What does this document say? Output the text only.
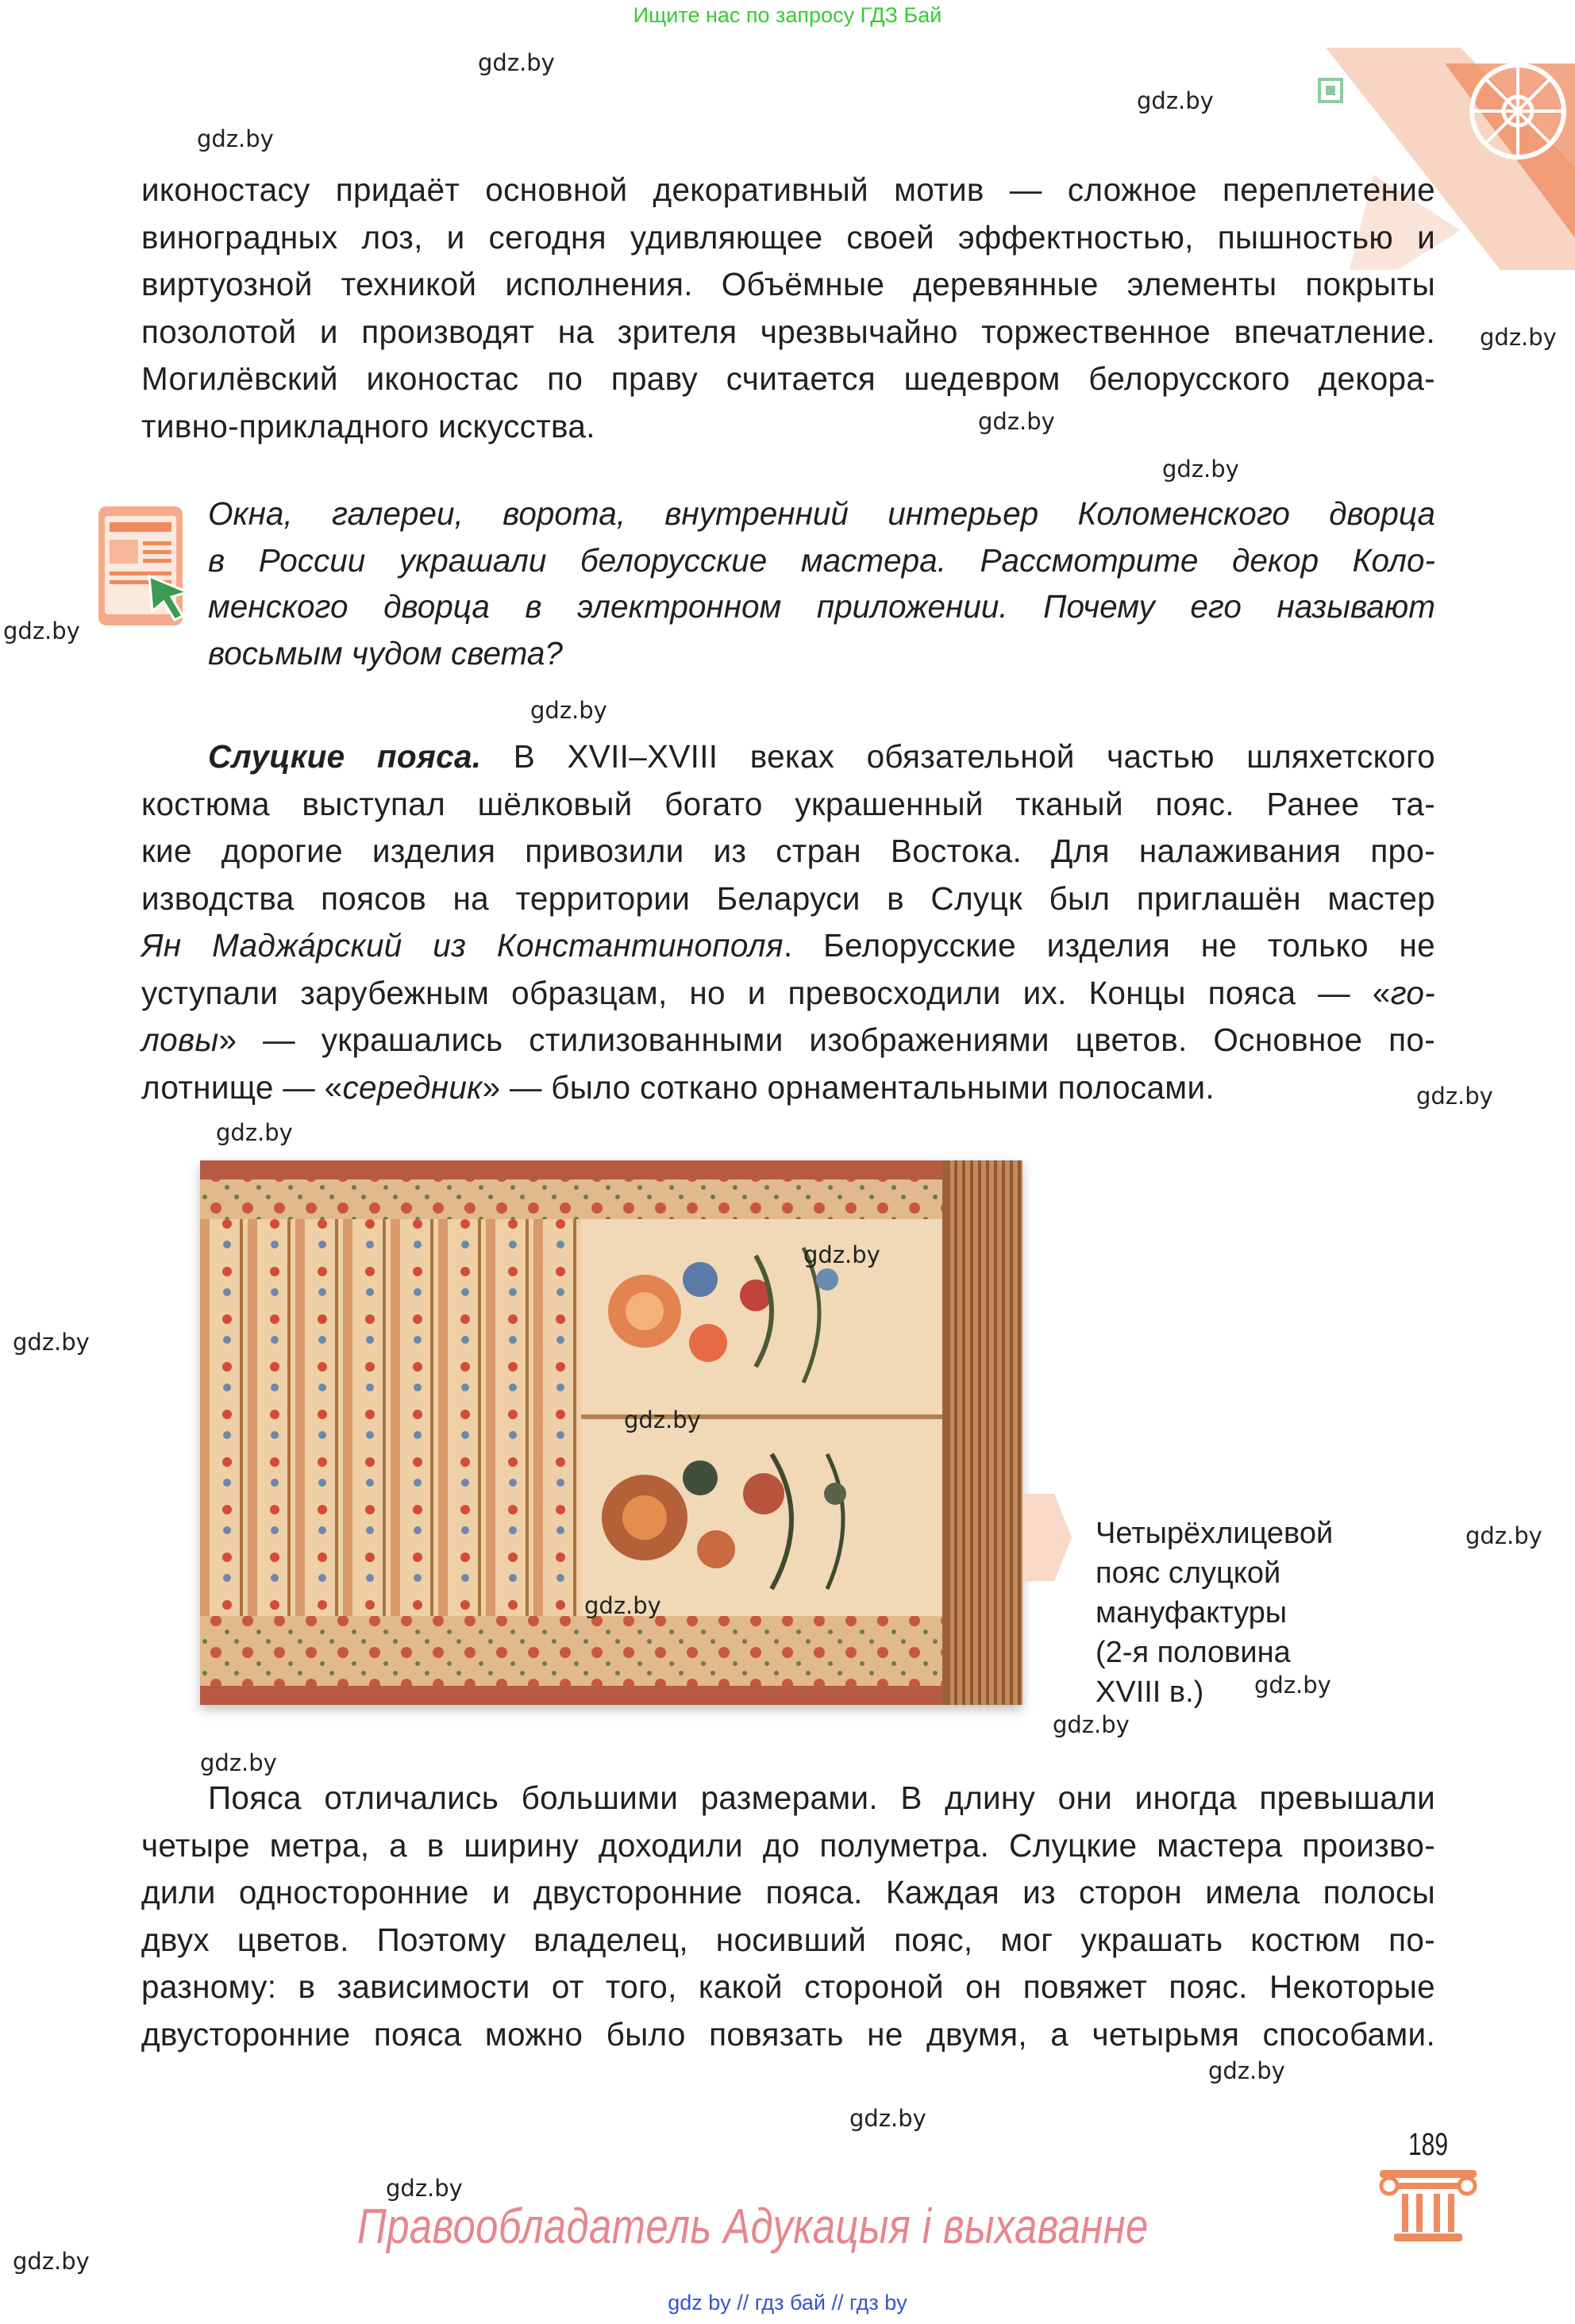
Ищите нас по запросу ГДЗ Бай
gdz.by
gdz.by
gdz.by
gdz.by
gdz.by
gdz.by
gdz.by
gdz.by
gdz.by
gdz.by
gdz.by
gdz.by
gdz.by
gdz.by
gdz.by
gdz.by
gdz.by
gdz.by
gdz.by
иконостасу придаёт основной декоративный мотив — сложное переплетение
виноградных лоз, и сегодня удивляющее своей эффектностью, пышностью и
виртуозной техникой исполнения. Объёмные деревянные элементы покрыты
позолотой и производят на зрителя чрезвычайно торжественное впечатление.
Могилёвский иконостас по праву считается шедевром белорусского декора-
тивно-прикладного искусства.
Окна, галереи, ворота, внутренний интерьер Коломенского дворца
в России украшали белорусские мастера. Рассмотрите декор Коло-
менского дворца в электронном приложении. Почему его называют
восьмым чудом света?
Слуцкие пояса. В XVII–XVIII веках обязательной частью шляхетского
костюма выступал шёлковый богато украшенный тканый пояс. Ранее та-
кие дорогие изделия привозили из стран Востока. Для налаживания про-
изводства поясов на территории Беларуси в Слуцк был приглашён мастер
Ян Маджа́рский из Константинополя. Белорусские изделия не только не
уступали зарубежным образцам, но и превосходили их. Концы пояса — «го-
ловы» — украшались стилизованными изображениями цветов. Основное по-
лотнище — «середник» — было соткано орнаментальными полосами.
Четырёхлицевой
пояс слуцкой
мануфактуры
(2-я половина
XVIII в.)
gdz.by
gdz.by
gdz.by
Пояса отличались большими размерами. В длину они иногда превышали
четыре метра, а в ширину доходили до полуметра. Слуцкие мастера произво-
дили односторонние и двусторонние пояса. Каждая из сторон имела полосы
двух цветов. Поэтому владелец, носивший пояс, мог украшать костюм по-
разному: в зависимости от того, какой стороной он повяжет пояс. Некоторые
двусторонние пояса можно было повязать не двумя, а четырьмя способами.
189
Правообладатель Адукацыя і выхаванне
gdz by // гдз бай // гдз by
